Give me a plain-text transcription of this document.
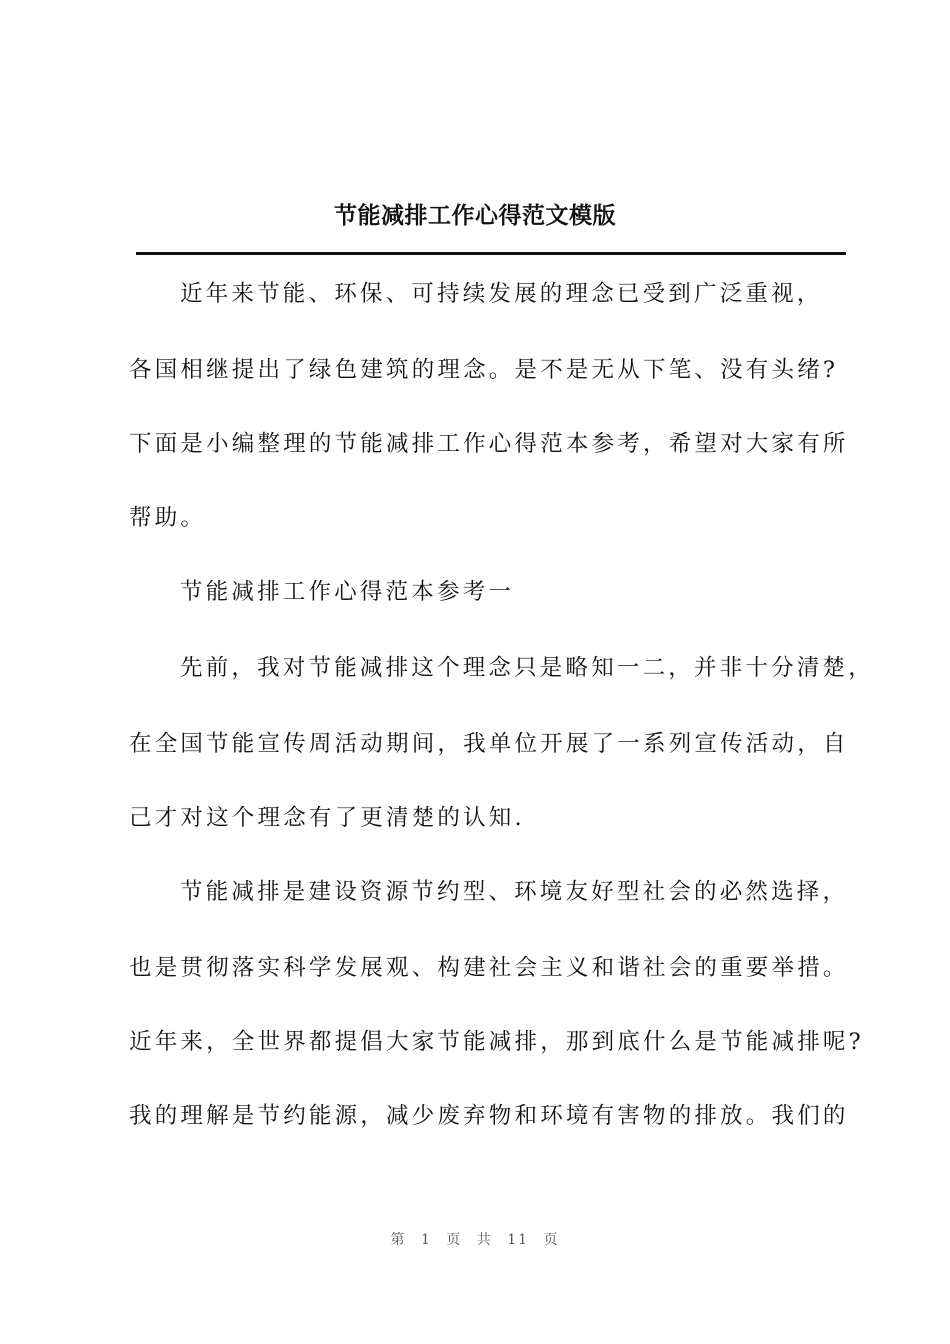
节能减排工作心得范文模版
近年来节能、环保、可持续发展的理念已受到广泛重视，
各国相继提出了绿色建筑的理念。是不是无从下笔、没有头绪?
下面是小编整理的节能减排工作心得范本参考，希望对大家有所
帮助。
节能减排工作心得范本参考一
先前，我对节能减排这个理念只是略知一二，并非十分清楚，
在全国节能宣传周活动期间，我单位开展了一系列宣传活动，自
己才对这个理念有了更清楚的认知.
节能减排是建设资源节约型、环境友好型社会的必然选择，
也是贯彻落实科学发展观、构建社会主义和谐社会的重要举措。
近年来，全世界都提倡大家节能减排，那到底什么是节能减排呢?
我的理解是节约能源，减少废弃物和环境有害物的排放。我们的
第 1 页 共 11 页
